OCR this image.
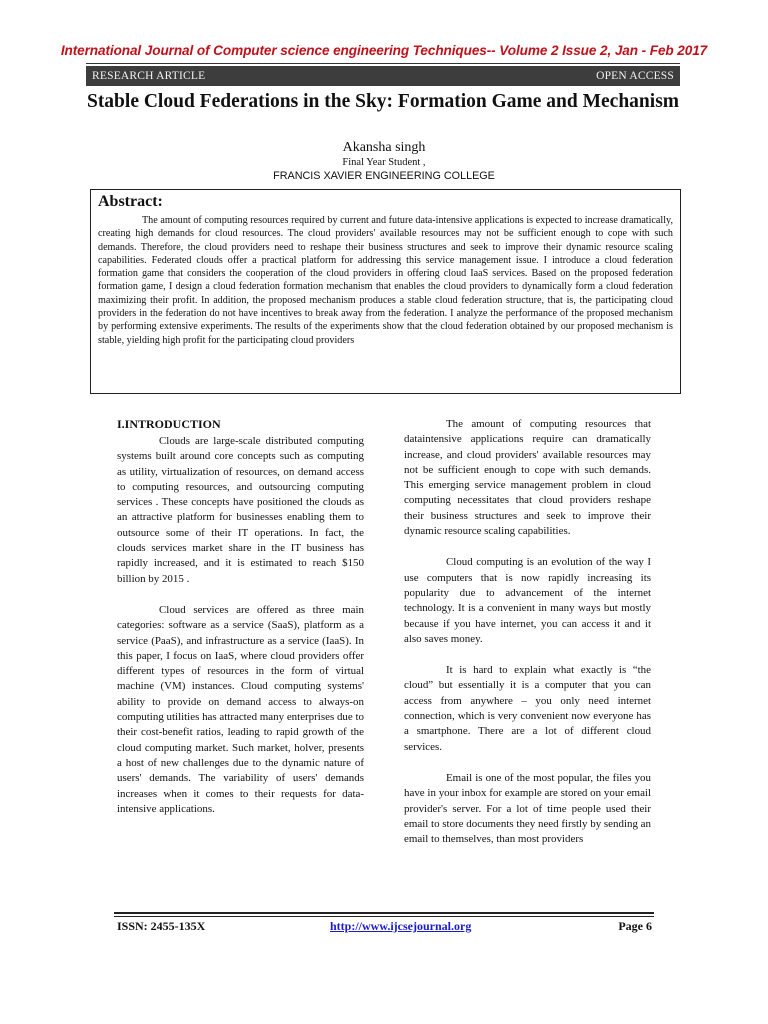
International Journal of Computer science engineering Techniques-- Volume 2 Issue 2, Jan - Feb 2017
RESEARCH ARTICLE	OPEN ACCESS
Stable Cloud Federations in the Sky: Formation Game and Mechanism
Akansha singh
Final Year Student ,
FRANCIS XAVIER ENGINEERING COLLEGE
Abstract:

The amount of computing resources required by current and future data-intensive applications is expected to increase dramatically, creating high demands for cloud resources. The cloud providers' available resources may not be sufficient enough to cope with such demands. Therefore, the cloud providers need to reshape their business structures and seek to improve their dynamic resource scaling capabilities. Federated clouds offer a practical platform for addressing this service management issue. I introduce a cloud federation formation game that considers the cooperation of the cloud providers in offering cloud IaaS services. Based on the proposed federation formation game, I design a cloud federation formation mechanism that enables the cloud providers to dynamically form a cloud federation maximizing their profit. In addition, the proposed mechanism produces a stable cloud federation structure, that is, the participating cloud providers in the federation do not have incentives to break away from the federation. I analyze the performance of the proposed mechanism by performing extensive experiments. The results of the experiments show that the cloud federation obtained by our proposed mechanism is stable, yielding high profit for the participating cloud providers

I.INTRODUCTION

Clouds are large-scale distributed computing systems built around core concepts such as computing as utility, virtualization of resources, on demand access to computing resources, and outsourcing computing services . These concepts have positioned the clouds as an attractive platform for businesses enabling them to outsource some of their IT operations. In fact, the clouds services market share in the IT business has rapidly increased, and it is estimated to reach $150 billion by 2015 .

Cloud services are offered as three main categories: software as a service (SaaS), platform as a service (PaaS), and infrastructure as a service (IaaS). In this paper, I focus on IaaS, where cloud providers offer different types of resources in the form of virtual machine (VM) instances. Cloud computing systems' ability to provide on demand access to always-on computing utilities has attracted many enterprises due to their cost-benefit ratios, leading to rapid growth of the cloud computing market. Such market, holver, presents a host of new challenges due to the dynamic nature of users' demands. The variability of users' demands increases when it comes to their requests for data-intensive applications.

The amount of computing resources that dataintensive applications require can dramatically increase, and cloud providers' available resources may not be sufficient enough to cope with such demands. This emerging service management problem in cloud computing necessitates that cloud providers reshape their business structures and seek to improve their dynamic resource scaling capabilities.

Cloud computing is an evolution of the way I use computers that is now rapidly increasing its popularity due to advancement of the internet technology. It is a convenient in many ways but mostly because if you have internet, you can access it and it also saves money.

It is hard to explain what exactly is “the cloud” but essentially it is a computer that you can access from anywhere – you only need internet connection, which is very convenient now everyone has a smartphone. There are a lot of different cloud services.

Email is one of the most popular, the files you have in your inbox for example are stored on your email provider's server. For a lot of time people used their email to store documents they need firstly by sending an email to themselves, than most providers

ISSN: 2455-135X	http://www.ijcsejournal.org	Page 6
